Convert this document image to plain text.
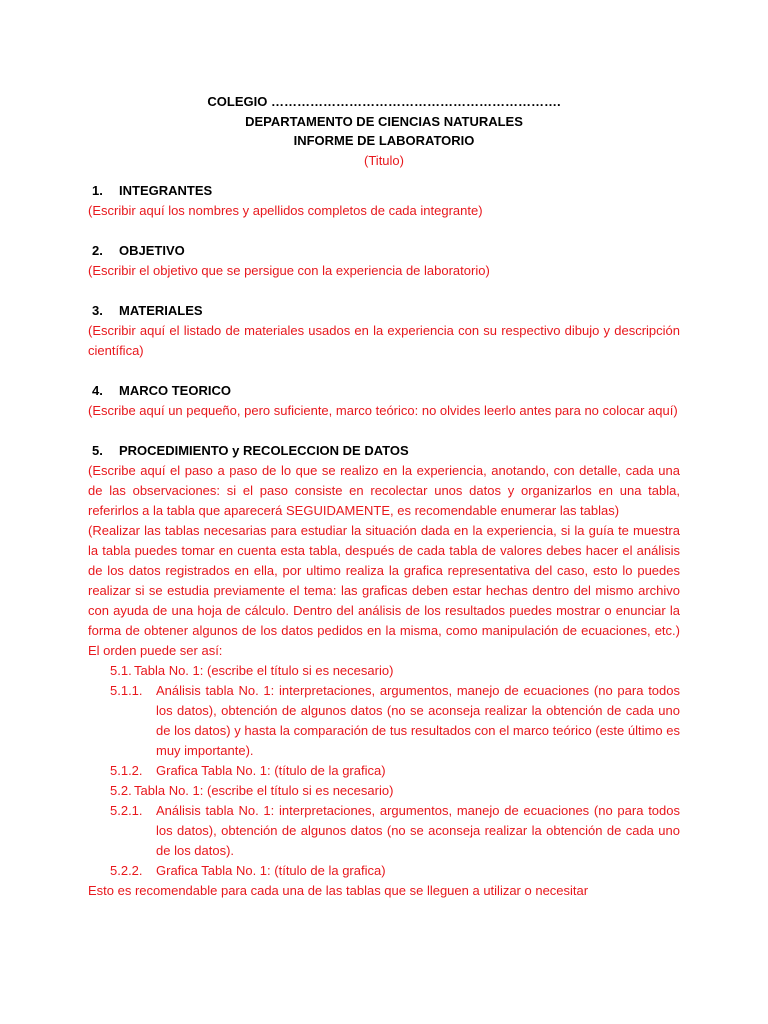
COLEGIO ………………………………………………………….
DEPARTAMENTO DE CIENCIAS NATURALES
INFORME DE LABORATORIO
(Titulo)
1. INTEGRANTES
(Escribir aquí los nombres y apellidos completos de cada integrante)
2. OBJETIVO
(Escribir el objetivo que se persigue con la experiencia de laboratorio)
3. MATERIALES
(Escribir aquí el listado de materiales usados en la experiencia con su respectivo dibujo y descripción científica)
4. MARCO TEORICO
(Escribe aquí un pequeño, pero suficiente, marco teórico: no olvides leerlo antes para no colocar aquí)
5. PROCEDIMIENTO y RECOLECCION DE DATOS
(Escribe aquí el paso a paso de lo que se realizo en la experiencia, anotando, con detalle, cada una de las observaciones: si el paso consiste en recolectar unos datos y organizarlos en una tabla, referirlos a la tabla que aparecerá SEGUIDAMENTE, es recomendable enumerar las tablas)
(Realizar las tablas necesarias para estudiar la situación dada en la experiencia, si la guía te muestra la tabla puedes tomar en cuenta esta tabla, después de cada tabla de valores debes hacer el análisis de los datos registrados en ella, por ultimo realiza la grafica representativa del caso, esto lo puedes realizar si se estudia previamente el tema: las graficas deben estar hechas dentro del mismo archivo con ayuda de una hoja de cálculo. Dentro del análisis de los resultados puedes mostrar o enunciar la forma de obtener algunos de los datos pedidos en la misma, como manipulación de ecuaciones, etc.) El orden puede ser así:
5.1. Tabla No. 1: (escribe el título si es necesario)
5.1.1.	Análisis tabla No. 1: interpretaciones, argumentos, manejo de ecuaciones (no para todos los datos), obtención de algunos datos (no se aconseja realizar la obtención de cada uno de los datos) y hasta la comparación de tus resultados con el marco teórico (este último es muy importante).
5.1.2.	Grafica Tabla No. 1: (título de la grafica)
5.2. Tabla No. 1: (escribe el título si es necesario)
5.2.1.	Análisis tabla No. 1: interpretaciones, argumentos, manejo de ecuaciones (no para todos los datos), obtención de algunos datos (no se aconseja realizar la obtención de cada uno de los datos).
5.2.2.	Grafica Tabla No. 1: (título de la grafica)
Esto es recomendable para cada una de las tablas que se lleguen a utilizar o necesitar
